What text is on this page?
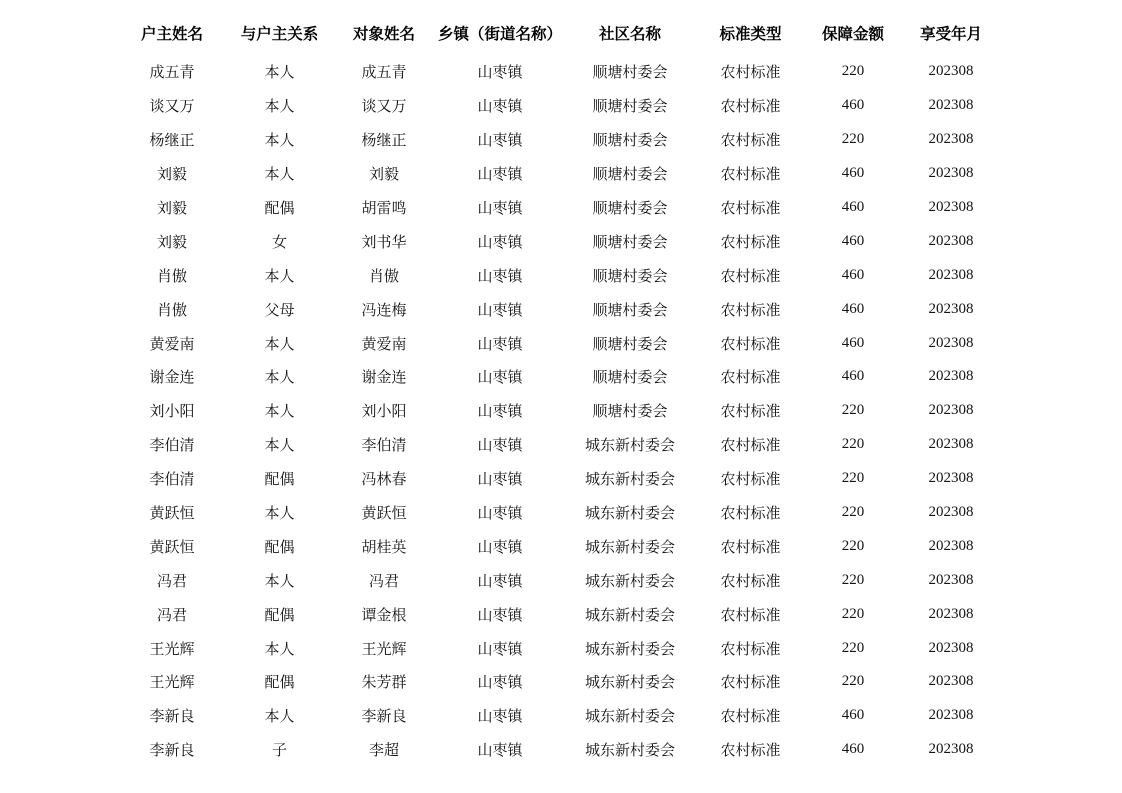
户主姓名	与户主关系	对象姓名	乡镇（街道名称）	社区名称	标准类型	保障金额	享受年月
成五青	本人	成五青	山枣镇	顺塘村委会	农村标准	220	202308
谈又万	本人	谈又万	山枣镇	顺塘村委会	农村标准	460	202308
杨继正	本人	杨继正	山枣镇	顺塘村委会	农村标准	220	202308
刘毅	本人	刘毅	山枣镇	顺塘村委会	农村标准	460	202308
刘毅	配偶	胡雷鸣	山枣镇	顺塘村委会	农村标准	460	202308
刘毅	女	刘书华	山枣镇	顺塘村委会	农村标准	460	202308
肖傲	本人	肖傲	山枣镇	顺塘村委会	农村标准	460	202308
肖傲	父母	冯连梅	山枣镇	顺塘村委会	农村标准	460	202308
黄爱南	本人	黄爱南	山枣镇	顺塘村委会	农村标准	460	202308
谢金连	本人	谢金连	山枣镇	顺塘村委会	农村标准	460	202308
刘小阳	本人	刘小阳	山枣镇	顺塘村委会	农村标准	220	202308
李伯清	本人	李伯清	山枣镇	城东新村委会	农村标准	220	202308
李伯清	配偶	冯林春	山枣镇	城东新村委会	农村标准	220	202308
黄跃恒	本人	黄跃恒	山枣镇	城东新村委会	农村标准	220	202308
黄跃恒	配偶	胡桂英	山枣镇	城东新村委会	农村标准	220	202308
冯君	本人	冯君	山枣镇	城东新村委会	农村标准	220	202308
冯君	配偶	谭金根	山枣镇	城东新村委会	农村标准	220	202308
王光辉	本人	王光辉	山枣镇	城东新村委会	农村标准	220	202308
王光辉	配偶	朱芳群	山枣镇	城东新村委会	农村标准	220	202308
李新良	本人	李新良	山枣镇	城东新村委会	农村标准	460	202308
李新良	子	李超	山枣镇	城东新村委会	农村标准	460	202308
